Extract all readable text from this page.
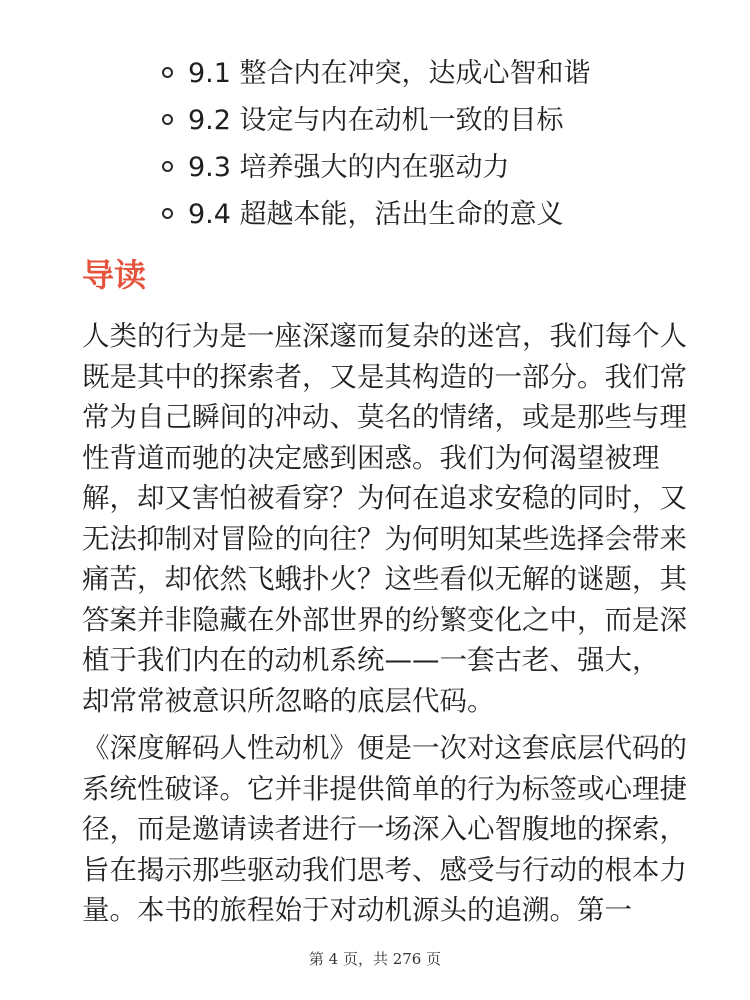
9.1 整合内在冲突，达成心智和谐
9.2 设定与内在动机一致的目标
9.3 培养强大的内在驱动力
9.4 超越本能，活出生命的意义
导读

人类的行为是一座深邃而复杂的迷宫，我们每个人
既是其中的探索者，又是其构造的一部分。我们常
常为自己瞬间的冲动、莫名的情绪，或是那些与理
性背道而驰的决定感到困惑。我们为何渴望被理
解，却又害怕被看穿？为何在追求安稳的同时，又
无法抑制对冒险的向往？为何明知某些选择会带来
痛苦，却依然飞蛾扑火？这些看似无解的谜题，其
答案并非隐藏在外部世界的纷繁变化之中，而是深
植于我们内在的动机系统——一套古老、强大，
却常常被意识所忽略的底层代码。

《深度解码人性动机》便是一次对这套底层代码的
系统性破译。它并非提供简单的行为标签或心理捷
径，而是邀请读者进行一场深入心智腹地的探索，
旨在揭示那些驱动我们思考、感受与行动的根本力
量。本书的旅程始于对动机源头的追溯。第一

第 4 页，共 276 页
